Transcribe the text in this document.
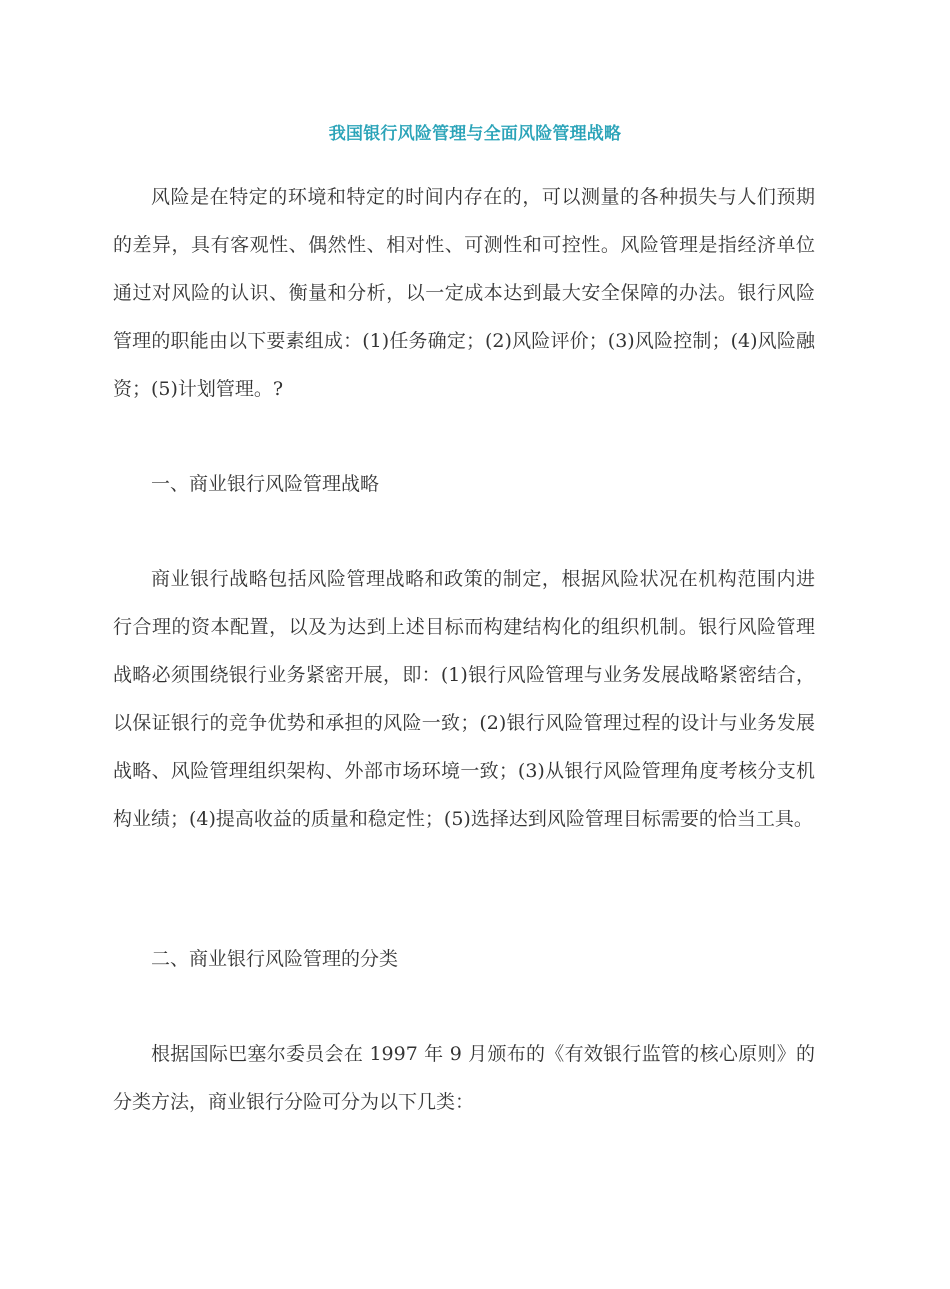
我国银行风险管理与全面风险管理战略

风险是在特定的环境和特定的时间内存在的，可以测量的各种损失与人们预期的差异，具有客观性、偶然性、相对性、可测性和可控性。风险管理是指经济单位通过对风险的认识、衡量和分析，以一定成本达到最大安全保障的办法。银行风险管理的职能由以下要素组成：(1)任务确定；(2)风险评价；(3)风险控制；(4)风险融资；(5)计划管理。?

一、商业银行风险管理战略

商业银行战略包括风险管理战略和政策的制定，根据风险状况在机构范围内进行合理的资本配置，以及为达到上述目标而构建结构化的组织机制。银行风险管理战略必须围绕银行业务紧密开展，即：(1)银行风险管理与业务发展战略紧密结合，以保证银行的竞争优势和承担的风险一致；(2)银行风险管理过程的设计与业务发展战略、风险管理组织架构、外部市场环境一致；(3)从银行风险管理角度考核分支机构业绩；(4)提高收益的质量和稳定性；(5)选择达到风险管理目标需要的恰当工具。

二、商业银行风险管理的分类

根据国际巴塞尔委员会在 1997 年 9 月颁布的《有效银行监管的核心原则》的分类方法，商业银行分险可分为以下几类：
